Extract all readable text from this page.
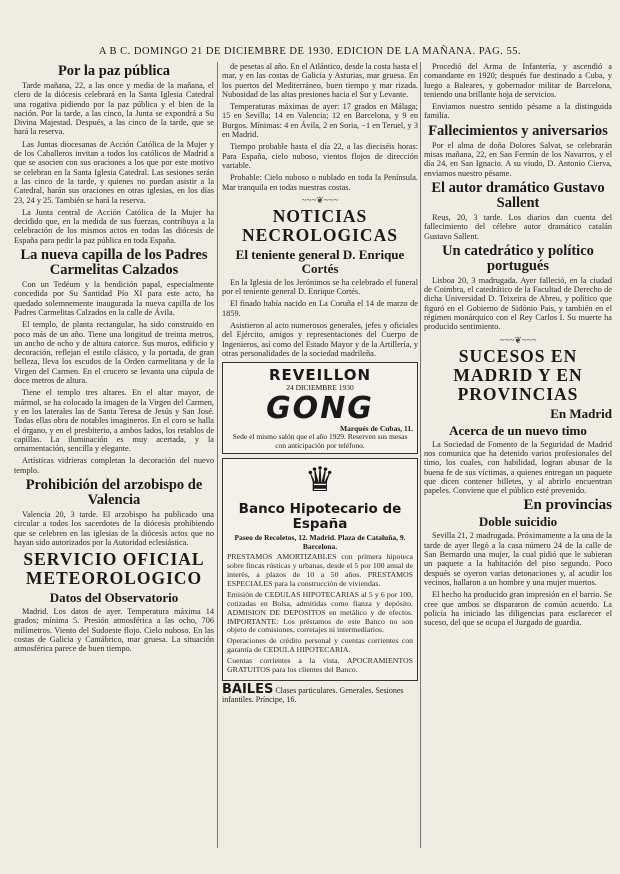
A B C. DOMINGO 21 DE DICIEMBRE DE 1930. EDICION DE LA MAÑANA. PAG. 55.
Por la paz pública

Tarde mañana, 22, a las once y media de la mañana, el clero de la diócesis celebrará en la Santa Iglesia Catedral una rogativa pidiendo por la paz pública y el bien de la nación. Por la tarde, a las cinco, la Junta se expondrá a Su Divina Majestad. Después, a las cinco de la tarde, que se hará la reserva.

Las Juntas diocesanas de Acción Católica de la Mujer y de los Caballeros invitan a todos los católicos de Madrid a que se asocien con sus oraciones a los que por este motivo se celebran en la Santa Iglesia Catedral. Las sesiones serán a las cinco de la tarde, y quienes no puedan asistir a la Catedral, harán sus oraciones en otras iglesias, en los días 23, 24 y 25. También se hará la reserva.

La Junta central de Acción Católica de la Mujer ha decidido que, en la medida de sus fuerzas, contribuya a la celebración de los mismos actos en todas las diócesis de España para pedir la paz pública en toda España.

La nueva capilla de los Padres Carmelitas Calzados

Con un Tedéum y la bendición papal, especialmente concedida por Su Santidad Pío XI para este acto, ha quedado solemnemente inaugurada la nueva capilla de los Padres Carmelitas Calzados en la calle de Ávila.

El templo, de planta rectangular, ha sido construido en poco más de un año. Tiene una longitud de treinta metros, un ancho de ocho y de altura catorce. Sus muros, edificio y decoración, reflejan el estilo clásico, y la portada, de gran belleza, lleva los escudos de la Orden carmelitana y de la Virgen del Carmen. En el crucero se levanta una cúpula de doce metros de altura.

Tiene el templo tres altares. En el altar mayor, de mármol, se ha colocado la imagen de la Virgen del Carmen, y en los laterales las de Santa Teresa de Jesús y San José. Todas ellas obra de notables imagineros. En el coro se halla el órgano, y en el presbiterio, a ambos lados, los retablos de capillas. La iluminación es muy acertada, y la ornamentación, sencilla y elegante.

Artísticas vidrieras completan la decoración del nuevo templo.

Prohibición del arzobispo de Valencia

Valencia 20, 3 tarde. El arzobispo ha publicado una circular a todos los sacerdotes de la diócesis prohibiendo que se celebren en las iglesias de la diócesis actos que no hayan sido autorizados por la Autoridad eclesiástica.

SERVICIO OFICIAL METEOROLOGICO
Datos del Observatorio

Madrid. Los datos de ayer. Temperatura máxima 14 grados; mínima 5. Presión atmosférica a las ocho, 706 milímetros. Viento del Sudoeste flojo. Cielo nuboso. En las costas de Galicia y Cantábrico, mar gruesa. La situación atmosférica parece de buen tiempo.

de pesetas al año. En el Atlántico, desde la costa hasta el mar, y en las costas de Galicia y Asturias, mar gruesa. En los puertos del Mediterráneo, buen tiempo y mar rizada. Nubosidad de las altas presiones hacia el Sur y Levante.

Temperaturas máximas de ayer: 17 grados en Málaga; 15 en Sevilla; 14 en Valencia; 12 en Barcelona, y 9 en Burgos. Mínimas: 4 en Ávila, 2 en Soria, −1 en Teruel, y 3 en Madrid.

Tiempo probable hasta el día 22, a las dieciséis horas: Para España, cielo nuboso, vientos flojos de dirección variable.

Probable: Cielo nuboso o nublado en toda la Península. Mar tranquila en todas nuestras costas.

~~~❦~~~
NOTICIAS NECROLOGICAS
El teniente general D. Enrique Cortés

En la Iglesia de los Jerónimos se ha celebrado el funeral por el teniente general D. Enrique Cortés.

El finado había nacido en La Coruña el 14 de marzo de 1859.

Asistieron al acto numerosos generales, jefes y oficiales del Ejército, amigos y representaciones del Cuerpo de Ingenieros, así como del Estado Mayor y de la Artillería, y otras personalidades de la sociedad madrileña.

REVEILLON
24 DICIEMBRE 1930
GONG
Marqués de Cubas, 11.
Sede el mismo salón que el año 1929. Reserven sus mesas con anticipación por teléfono.
♛
Banco Hipotecario de España
Paseo de Recoletos, 12. Madrid. Plaza de Cataluña, 9. Barcelona.

PRESTAMOS AMORTIZABLES con primera hipoteca sobre fincas rústicas y urbanas, desde el 5 por 100 anual de interés, a plazos de 10 a 50 años. PRESTAMOS ESPECIALES para la construcción de viviendas.

Emisión de CEDULAS HIPOTECARIAS al 5 y 6 por 100, cotizadas en Bolsa, admitidas como fianza y depósito. ADMISION DE DEPOSITOS en metálico y de efectos. IMPORTANTE: Los préstamos de este Banco no son objeto de comisiones, corretajes ni intermediarios.

Operaciones de crédito personal y cuentas corrientes con garantía de CEDULA HIPOTECARIA.

Cuentas corrientes a la vista. APOCRAMIENTOS GRATUITOS para los clientes del Banco.

BAILES Clases particulares. Generales. Sesiones infantiles. Príncipe, 16.

Procedió del Arma de Infantería, y ascendió a comandante en 1920; después fue destinado a Cuba, y luego a Baleares, y gobernador militar de Barcelona, teniendo una brillante hoja de servicios.

Enviamos nuestro sentido pésame a la distinguida familia.

Fallecimientos y aniversarios

Por el alma de doña Dolores Salvat, se celebrarán misas mañana, 22, en San Fermín de los Navarros, y el día 24, en San Ignacio. A su viudo, D. Antonio Cierva, enviamos nuestro pésame.

El autor dramático Gustavo Sallent

Reus, 20, 3 tarde. Los diarios dan cuenta del fallecimiento del célebre autor dramático catalán Gustavo Sallent.

Un catedrático y político portugués

Lisboa 20, 3 madrugada. Ayer falleció, en la ciudad de Coimbra, el catedrático de la Facultad de Derecho de dicha Universidad D. Teixeira de Abreu, y político que figuró en el Gobierno de Sidónio Pais, y también en el régimen monárquico con el Rey Carlos I. Su muerte ha producido sentimiento.

~~~❦~~~
SUCESOS EN MADRID Y EN PROVINCIAS
En Madrid
Acerca de un nuevo timo

La Sociedad de Fomento de la Seguridad de Madrid nos comunica que ha detenido varios profesionales del timo, los cuales, con habilidad, logran abusar de la buena fe de sus víctimas, a quienes entregan un paquete que dicen contener billetes, y al abrirlo encuentran papeles. Conviene que el público esté prevenido.

En provincias
Doble suicidio

Sevilla 21, 2 madrugada. Próximamente a la una de la tarde de ayer llegó a la casa número 24 de la calle de San Bernardo una mujer, la cual pidió que le subieran un paquete a la habitación del piso segundo. Poco después se oyeron varias detonaciones y, al acudir los vecinos, hallaron a un hombre y una mujer muertos.

El hecho ha producido gran impresión en el barrio. Se cree que ambos se dispararon de común acuerdo. La policía ha iniciado las diligencias para esclarecer el suceso, del que se ocupa el Juzgado de guardia.
